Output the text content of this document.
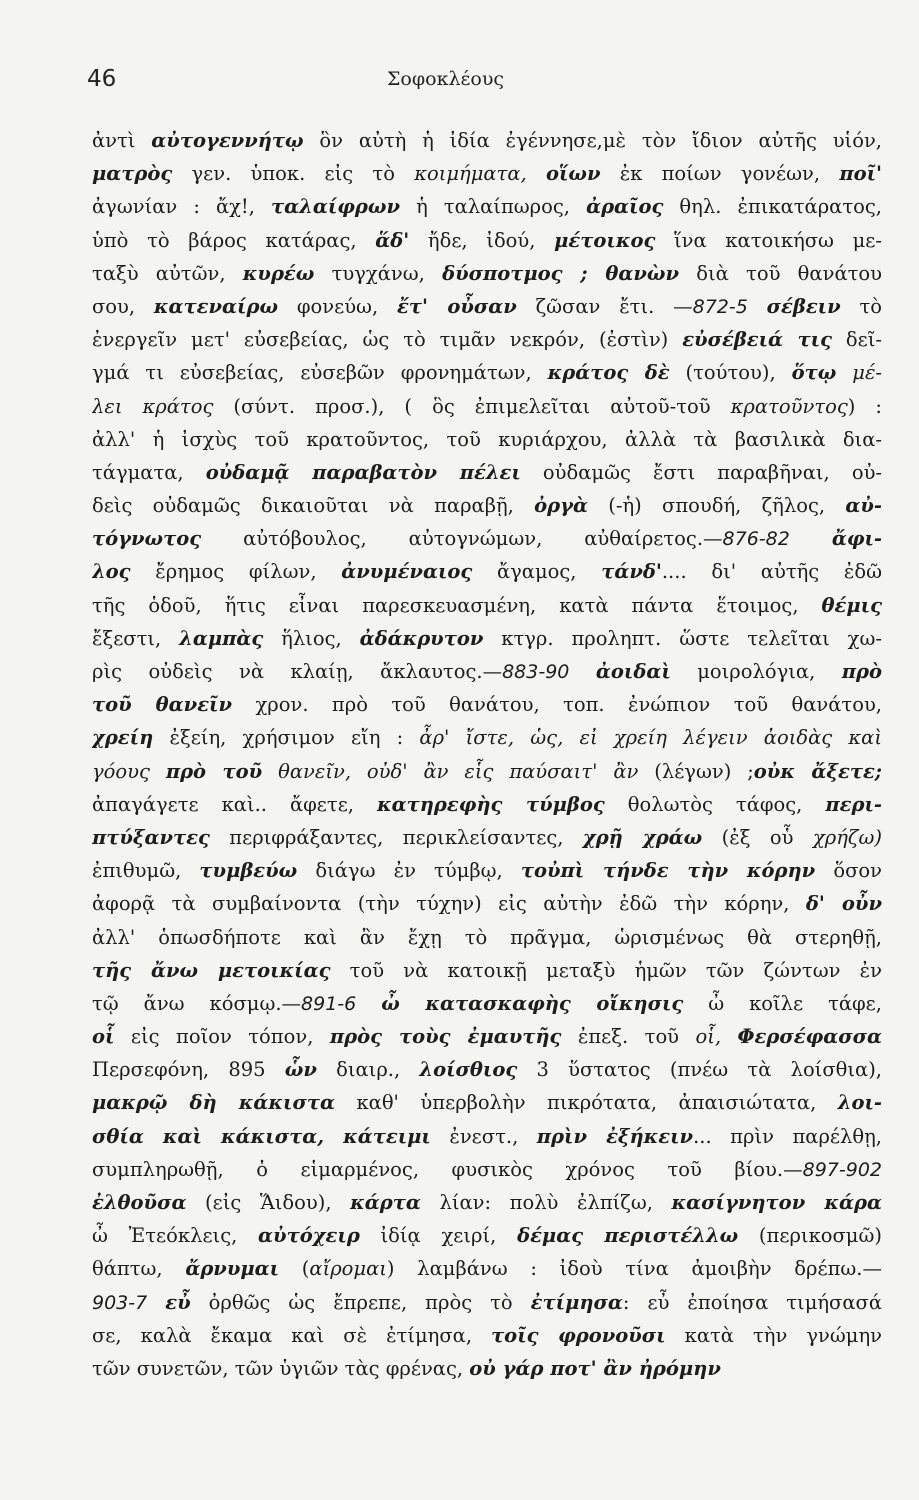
46	Σοφοκλέους
ἀντὶ αὐτογεννήτῳ ὃν αὐτὴ ἡ ἰδία ἐγέννησε,μὲ τὸν ἴδιον αὐτῆς υἱόν,
ματρὸς γεν. ὑποκ. εἰς τὸ κοιμήματα, οἵων ἐκ ποίων γονέων, ποῖ'
ἀγωνίαν : ἄχ!, ταλαίφρων ἡ ταλαίπωρος, ἀραῖος θηλ. ἐπικατάρατος,
ὑπὸ τὸ βάρος κατάρας, ἅδ' ἤδε, ἰδού, μέτοικος ἵνα κατοικήσω με-
ταξὺ αὐτῶν, κυρέω τυγχάνω, δύσποτμος ; θανὼν διὰ τοῦ θανάτου
σου, κατεναίρω φονεύω, ἔτ' οὖσαν ζῶσαν ἔτι. —872-5 σέβειν τὸ
ἐνεργεῖν μετ' εὐσεβείας, ὡς τὸ τιμᾶν νεκρόν, (ἐστὶν) εὐσέβειά τις δεῖ-
γμά τι εὐσεβείας, εὐσεβῶν φρονημάτων, κράτος δὲ (τούτου), ὅτῳ μέ-
λει κράτος (σύντ. προσ.), ( ὃς ἐπιμελεῖται αὐτοῦ-τοῦ κρατοῦντος) :
ἀλλ' ἡ ἰσχὺς τοῦ κρατοῦντος, τοῦ κυριάρχου, ἀλλὰ τὰ βασιλικὰ δια-
τάγματα, οὐδαμᾷ παραβατὸν πέλει οὐδαμῶς ἔστι παραβῆναι, οὐ-
δεὶς οὐδαμῶς δικαιοῦται νὰ παραβῇ, ὀργὰ (-ἡ) σπουδή, ζῆλος, αὐ-
τόγνωτος αὐτόβουλος, αὐτογνώμων, αὐθαίρετος.—876-82 ἄφι-
λος ἔρημος φίλων, ἀνυμέναιος ἄγαμος, τάνδ'.... δι' αὐτῆς ἐδῶ
τῆς ὁδοῦ, ἥτις εἶναι παρεσκευασμένη, κατὰ πάντα ἕτοιμος, θέμις
ἔξεστι, λαμπὰς ἥλιος, ἀδάκρυτον κτγρ. προληπτ. ὥστε τελεῖται χω-
ρὶς οὐδεὶς νὰ κλαίῃ, ἄκλαυτος.—883-90 ἀοιδαὶ μοιρολόγια, πρὸ
τοῦ θανεῖν χρον. πρὸ τοῦ θανάτου, τοπ. ἐνώπιον τοῦ θανάτου,
χρείη ἐξείη, χρήσιμον εἴη : ἆρ' ἴστε, ὡς, εἰ χρείη λέγειν ἀοιδὰς καὶ
γόους πρὸ τοῦ θανεῖν, οὐδ' ἂν εἷς παύσαιτ' ἂν (λέγων) ;οὐκ ἄξετε;
ἀπαγάγετε καὶ.. ἄφετε, κατηρεφὴς τύμβος θολωτὸς τάφος, περι-
πτύξαντες περιφράξαντες, περικλείσαντες, χρῇ χράω (ἐξ οὗ χρήζω)
ἐπιθυμῶ, τυμβεύω διάγω ἐν τύμβῳ, τοὐπὶ τήνδε τὴν κόρην ὅσον
ἀφορᾷ τὰ συμβαίνοντα (τὴν τύχην) εἰς αὐτὴν ἐδῶ τὴν κόρην, δ' οὖν
ἀλλ' ὁπωσδήποτε καὶ ἂν ἔχῃ τὸ πρᾶγμα, ὡρισμένως θὰ στερηθῇ,
τῆς ἄνω μετοικίας τοῦ νὰ κατοικῇ μεταξὺ ἡμῶν τῶν ζώντων ἐν
τῷ ἄνω κόσμῳ.—891-6 ὦ κατασκαφὴς οἴκησις ὦ κοῖλε τάφε,
οἷ εἰς ποῖον τόπον, πρὸς τοὺς ἐμαυτῆς ἐπεξ. τοῦ οἷ, Φερσέφασσα
Περσεφόνη, 895 ὧν διαιρ., λοίσθιος 3 ὕστατος (πνέω τὰ λοίσθια),
μακρῷ δὴ κάκιστα καθ' ὑπερβολὴν πικρότατα, ἀπαισιώτατα, λοι-
σθία καὶ κάκιστα, κάτειμι ἐνεστ., πρὶν ἐξήκειν... πρὶν παρέλθῃ,
συμπληρωθῇ, ὁ εἱμαρμένος, φυσικὸς χρόνος τοῦ βίου.—897-902
ἐλθοῦσα (εἰς Ἅιδου), κάρτα λίαν: πολὺ ἐλπίζω, κασίγνητον κάρα
ὦ Ἐτεόκλεις, αὐτόχειρ ἰδίᾳ χειρί, δέμας περιστέλλω (περικοσμῶ)
θάπτω, ἄρνυμαι (αἴρομαι) λαμβάνω : ἰδοὺ τίνα ἀμοιβὴν δρέπω.—
903-7 εὖ ὀρθῶς ὡς ἔπρεπε, πρὸς τὸ ἐτίμησα: εὖ ἐποίησα τιμήσασά
σε, καλὰ ἔκαμα καὶ σὲ ἐτίμησα, τοῖς φρονοῦσι κατὰ τὴν γνώμην
τῶν συνετῶν, τῶν ὑγιῶν τὰς φρένας, οὐ γάρ ποτ' ἂν ἠρόμην
